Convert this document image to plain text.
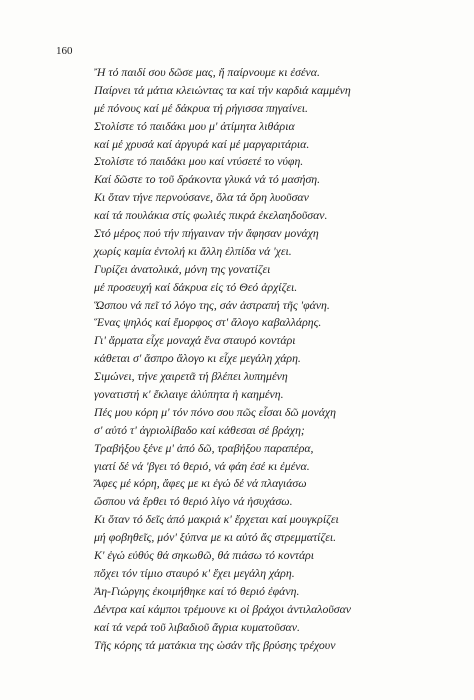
160
Ἤ τό παιδί σου δῶσε μας, ἤ παίρνουμε κι ἐσένα.
Παίρνει τά μάτια κλειώντας τα καί τήν καρδιά καμμένη
μέ πόνους καί μέ δάκρυα τή ρήγισσα πηγαίνει.
Στολίστε τό παιδάκι μου μ' ἀτίμητα λιθάρια
καί μέ χρυσά καί ἀργυρά καί μέ μαργαριτάρια.
Στολίστε τό παιδάκι μου καί ντύσετέ το νύφη.
Καί δῶστε το τοῦ δράκοντα γλυκά νά τό μασήση.
Κι ὅταν τήνε περνούσανε, ὅλα τά ὄρη λυοῦσαν
καί τά πουλάκια στίς φωλιές πικρά ἐκελαηδοῦσαν.
Στό μέρος πού τήν πήγαιναν τήν ἄφησαν μονάχη
χωρίς καμία ἐντολή κι ἄλλη ἐλπίδα νά 'χει.
Γυρίζει ἀνατολικά, μόνη της γονατίζει
μέ προσευχή καί δάκρυα εἰς τό Θεό ἀρχίζει.
Ὥσπου νά πεῖ τό λόγο της, σάν ἀστραπή τῆς 'φάνη.
Ἕνας ψηλός καί ἔμορφος στ' ἄλογο καβαλλάρης.
Γι' ἅρματα εἶχε μοναχά ἕνα σταυρό κοντάρι
κάθεται σ' ἄσπρο ἄλογο κι εἶχε μεγάλη χάρη.
Σιμώνει, τήνε χαιρετᾶ τή βλέπει λυπημένη
γονατιστή κ' ἔκλαιγε ἀλύπητα ἡ καημένη.
Πές μου κόρη μ' τόν πόνο σου πῶς εἶσαι δῶ μονάχη
σ' αὐτό τ' ἀγριολίβαδο καί κάθεσαι σέ βράχη;
Τραβήξου ξένε μ' ἀπό δῶ, τραβήξου παραπέρα,
γιατί δέ νά 'βγει τό θεριό, νά φάη ἐσέ κι ἐμένα.
Ἄφες μέ κόρη, ἄφες με κι ἐγώ δέ νά πλαγιάσω
ὥσπου νά ἔρθει τό θεριό λίγο νά ἡσυχάσω.
Κι ὅταν τό δεῖς ἀπό μακριά κ' ἔρχεται καί μουγκρίζει
μή φοβηθεῖς, μόν' ξύπνα με κι αὐτό ἄς στρεμματίζει.
Κ' ἐγώ εὐθύς θά σηκωθῶ, θά πιάσω τό κοντάρι
πὄχει τόν τίμιο σταυρό κ' ἔχει μεγάλη χάρη.
Ἀη-Γιώργης ἐκοιμήθηκε καί τό θεριό ἐφάνη.
Δέντρα καί κάμποι τρέμουνε κι οἱ βράχοι ἀντιλαλοῦσαν
καί τά νερά τοῦ λιβαδιοῦ ἄγρια κυματοῦσαν.
Τῆς κόρης τά ματάκια της ὡσάν τῆς βρύσης τρέχουν
